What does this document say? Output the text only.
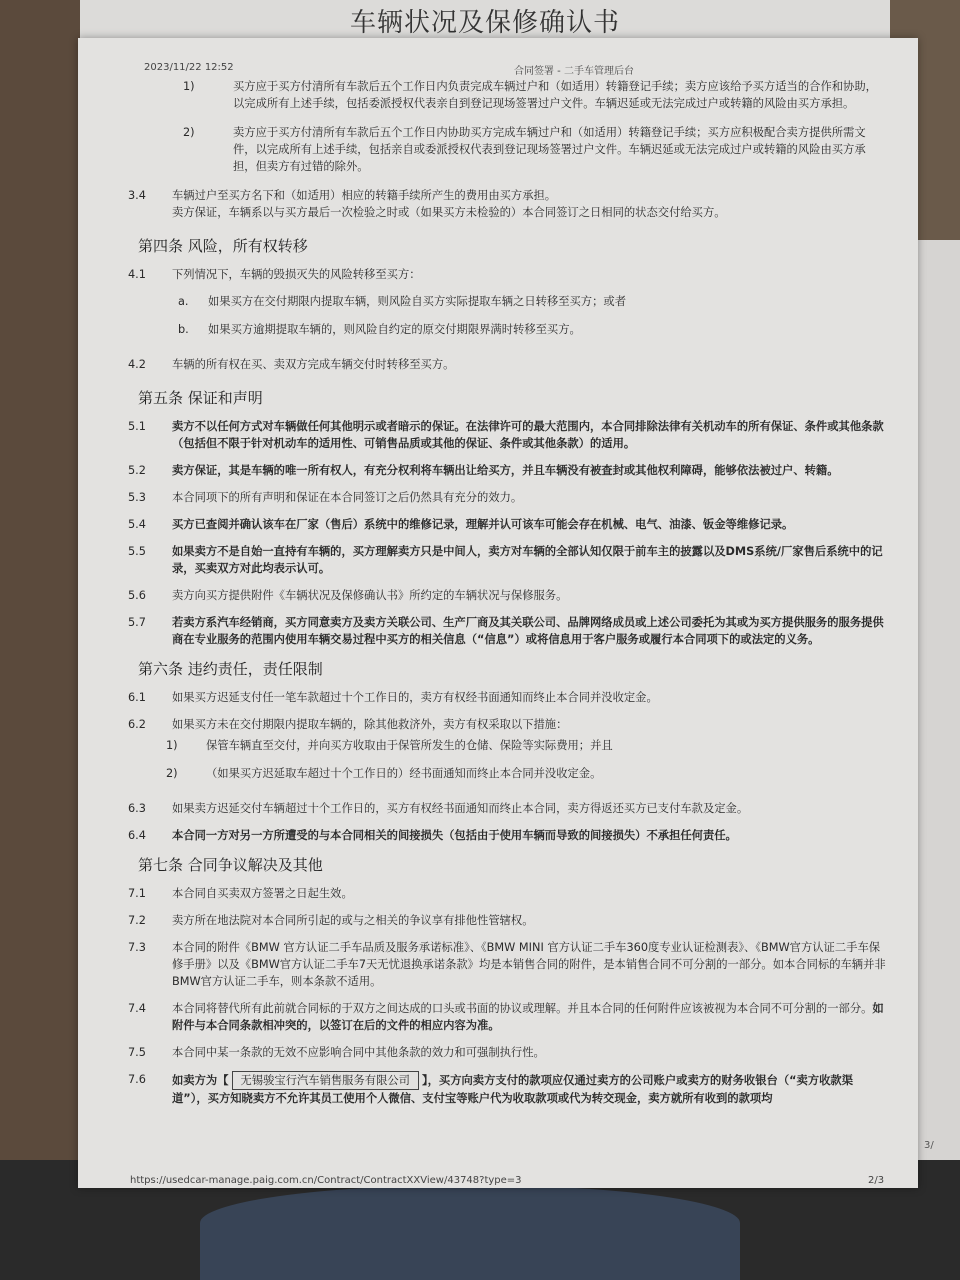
车辆状况及保修确认书
3/
2023/11/22 12:52	合同签署 - 二手车管理后台
1)	买方应于买方付清所有车款后五个工作日内负责完成车辆过户和（如适用）转籍登记手续；卖方应该给予买方适当的合作和协助，以完成所有上述手续，包括委派授权代表亲自到登记现场签署过户文件。车辆迟延或无法完成过户或转籍的风险由买方承担。
2)	卖方应于买方付清所有车款后五个工作日内协助买方完成车辆过户和（如适用）转籍登记手续；买方应积极配合卖方提供所需文件，以完成所有上述手续，包括亲自或委派授权代表到登记现场签署过户文件。车辆迟延或无法完成过户或转籍的风险由买方承担，但卖方有过错的除外。
3.4	车辆过户至买方名下和（如适用）相应的转籍手续所产生的费用由买方承担。
卖方保证，车辆系以与买方最后一次检验之时或（如果买方未检验的）本合同签订之日相同的状态交付给买方。
第四条 风险，所有权转移
4.1	下列情况下，车辆的毁损灭失的风险转移至买方：
a.	如果买方在交付期限内提取车辆，则风险自买方实际提取车辆之日转移至买方；或者
b.	如果买方逾期提取车辆的，则风险自约定的原交付期限界满时转移至买方。
4.2	车辆的所有权在买、卖双方完成车辆交付时转移至买方。
第五条 保证和声明
5.1	卖方不以任何方式对车辆做任何其他明示或者暗示的保证。在法律许可的最大范围内，本合同排除法律有关机动车的所有保证、条件或其他条款（包括但不限于针对机动车的适用性、可销售品质或其他的保证、条件或其他条款）的适用。
5.2	卖方保证，其是车辆的唯一所有权人，有充分权利将车辆出让给买方，并且车辆没有被查封或其他权利障碍，能够依法被过户、转籍。
5.3	本合同项下的所有声明和保证在本合同签订之后仍然具有充分的效力。
5.4	买方已查阅并确认该车在厂家（售后）系统中的维修记录，理解并认可该车可能会存在机械、电气、油漆、钣金等维修记录。
5.5	如果卖方不是自始一直持有车辆的，买方理解卖方只是中间人，卖方对车辆的全部认知仅限于前车主的披露以及DMS系统/厂家售后系统中的记录，买卖双方对此均表示认可。
5.6	卖方向买方提供附件《车辆状况及保修确认书》所约定的车辆状况与保修服务。
5.7	若卖方系汽车经销商，买方同意卖方及卖方关联公司、生产厂商及其关联公司、品牌网络成员或上述公司委托为其或为买方提供服务的服务提供商在专业服务的范围内使用车辆交易过程中买方的相关信息（“信息”）或将信息用于客户服务或履行本合同项下的或法定的义务。
第六条 违约责任，责任限制
6.1	如果买方迟延支付任一笔车款超过十个工作日的，卖方有权经书面通知而终止本合同并没收定金。
6.2	如果买方未在交付期限内提取车辆的，除其他救济外，卖方有权采取以下措施：
1)	保管车辆直至交付，并向买方收取由于保管所发生的仓储、保险等实际费用；并且
2)	（如果买方迟延取车超过十个工作日的）经书面通知而终止本合同并没收定金。
6.3	如果卖方迟延交付车辆超过十个工作日的，买方有权经书面通知而终止本合同，卖方得返还买方已支付车款及定金。
6.4	本合同一方对另一方所遭受的与本合同相关的间接损失（包括由于使用车辆而导致的间接损失）不承担任何责任。
第七条 合同争议解决及其他
7.1	本合同自买卖双方签署之日起生效。
7.2	卖方所在地法院对本合同所引起的或与之相关的争议享有排他性管辖权。
7.3	本合同的附件《BMW 官方认证二手车品质及服务承诺标准》、《BMW MINI 官方认证二手车360度专业认证检测表》、《BMW官方认证二手车保修手册》以及《BMW官方认证二手车7天无忧退换承诺条款》均是本销售合同的附件，是本销售合同不可分割的一部分。如本合同标的车辆并非BMW官方认证二手车，则本条款不适用。
7.4	本合同将替代所有此前就合同标的于双方之间达成的口头或书面的协议或理解。并且本合同的任何附件应该被视为本合同不可分割的一部分。如附件与本合同条款相冲突的，以签订在后的文件的相应内容为准。
7.5	本合同中某一条款的无效不应影响合同中其他条款的效力和可强制执行性。
7.6	如卖方为【 无锡骏宝行汽车销售服务有限公司 】，买方向卖方支付的款项应仅通过卖方的公司账户或卖方的财务收银台（“卖方收款渠道”），买方知晓卖方不允许其员工使用个人微信、支付宝等账户代为收取款项或代为转交现金，卖方就所有收到的款项均
https://usedcar-manage.paig.com.cn/Contract/ContractXXView/43748?type=3	2/3
